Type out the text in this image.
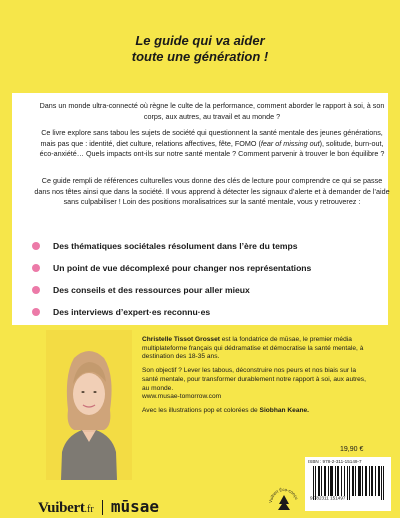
Le guide qui va aider
toute une génération !

Dans un monde ultra-connecté où règne le culte de la performance, comment aborder le rapport à soi, à son corps, aux autres, au travail et au monde ?

Ce livre explore sans tabou les sujets de société qui questionnent la santé mentale des jeunes générations, mais pas que : identité, diet culture, relations affectives, fête, FOMO (fear of missing out), solitude, burn-out, éco-anxiété… Quels impacts ont-ils sur notre santé mentale ? Comment parvenir à trouver le bon équilibre ?

Ce guide rempli de références culturelles vous donne des clés de lecture pour comprendre ce qui se passe dans nos têtes ainsi que dans la société. Il vous apprend à détecter les signaux d’alerte et à demander de l’aide sans culpabiliser ! Loin des positions moralisatrices sur la santé mentale, vous y retrouverez :

Des thématiques sociétales résolument dans l’ère du temps
Un point de vue décomplexé pour changer nos représentations
Des conseils et des ressources pour aller mieux
Des interviews d’expert·es reconnu·es

Christelle Tissot Grosset est la fondatrice de mūsae, le premier média multiplateforme français qui dédramatise et démocratise la santé mentale, à destination des 18-35 ans.

Son objectif ? Lever les tabous, déconstruire nos peurs et nos biais sur la santé mentale, pour transformer durablement notre rapport à soi, aux autres, au monde.
www.musae-tomorrow.com

Avec les illustrations pop et colorées de Siobhan Keane.

19,90 €
ISBN : 978-2-311-15149-7
9 782311 151497
Vuibert Éco-conçu
Vuibert .fr mūsae
